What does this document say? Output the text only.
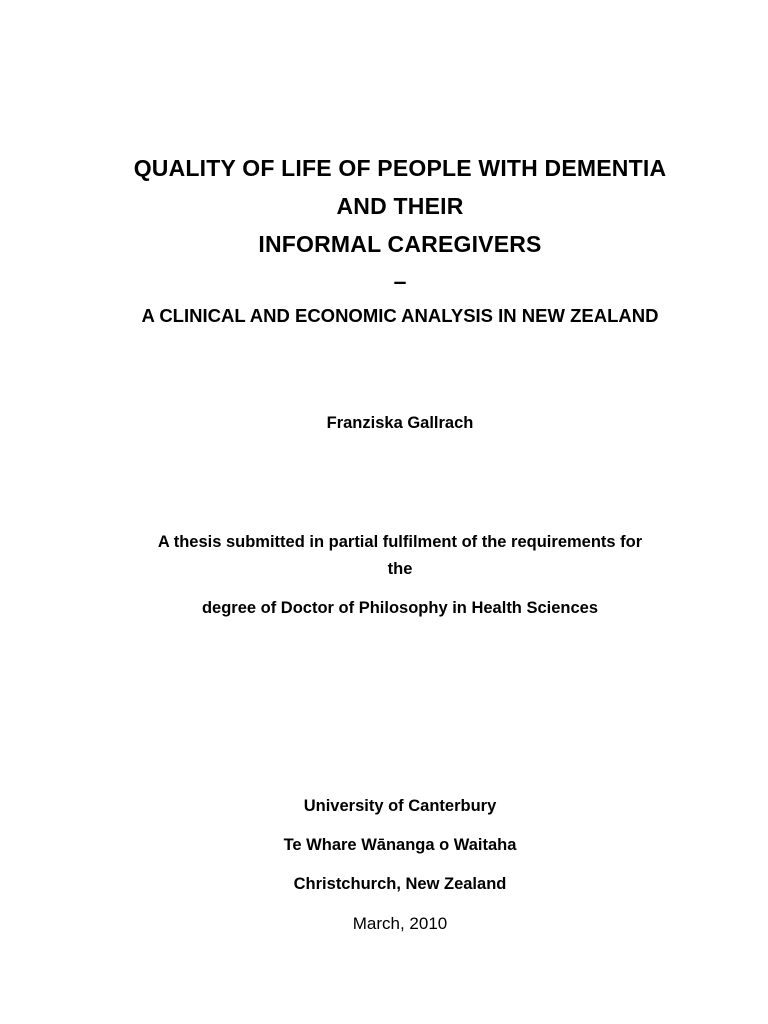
QUALITY OF LIFE OF PEOPLE WITH DEMENTIA
AND THEIR
INFORMAL CAREGIVERS
–
A CLINICAL AND ECONOMIC ANALYSIS IN NEW ZEALAND
Franziska Gallrach
A thesis submitted in partial fulfilment of the requirements for
the
degree of Doctor of Philosophy in Health Sciences
University of Canterbury
Te Whare Wānanga o Waitaha
Christchurch, New Zealand
March, 2010
